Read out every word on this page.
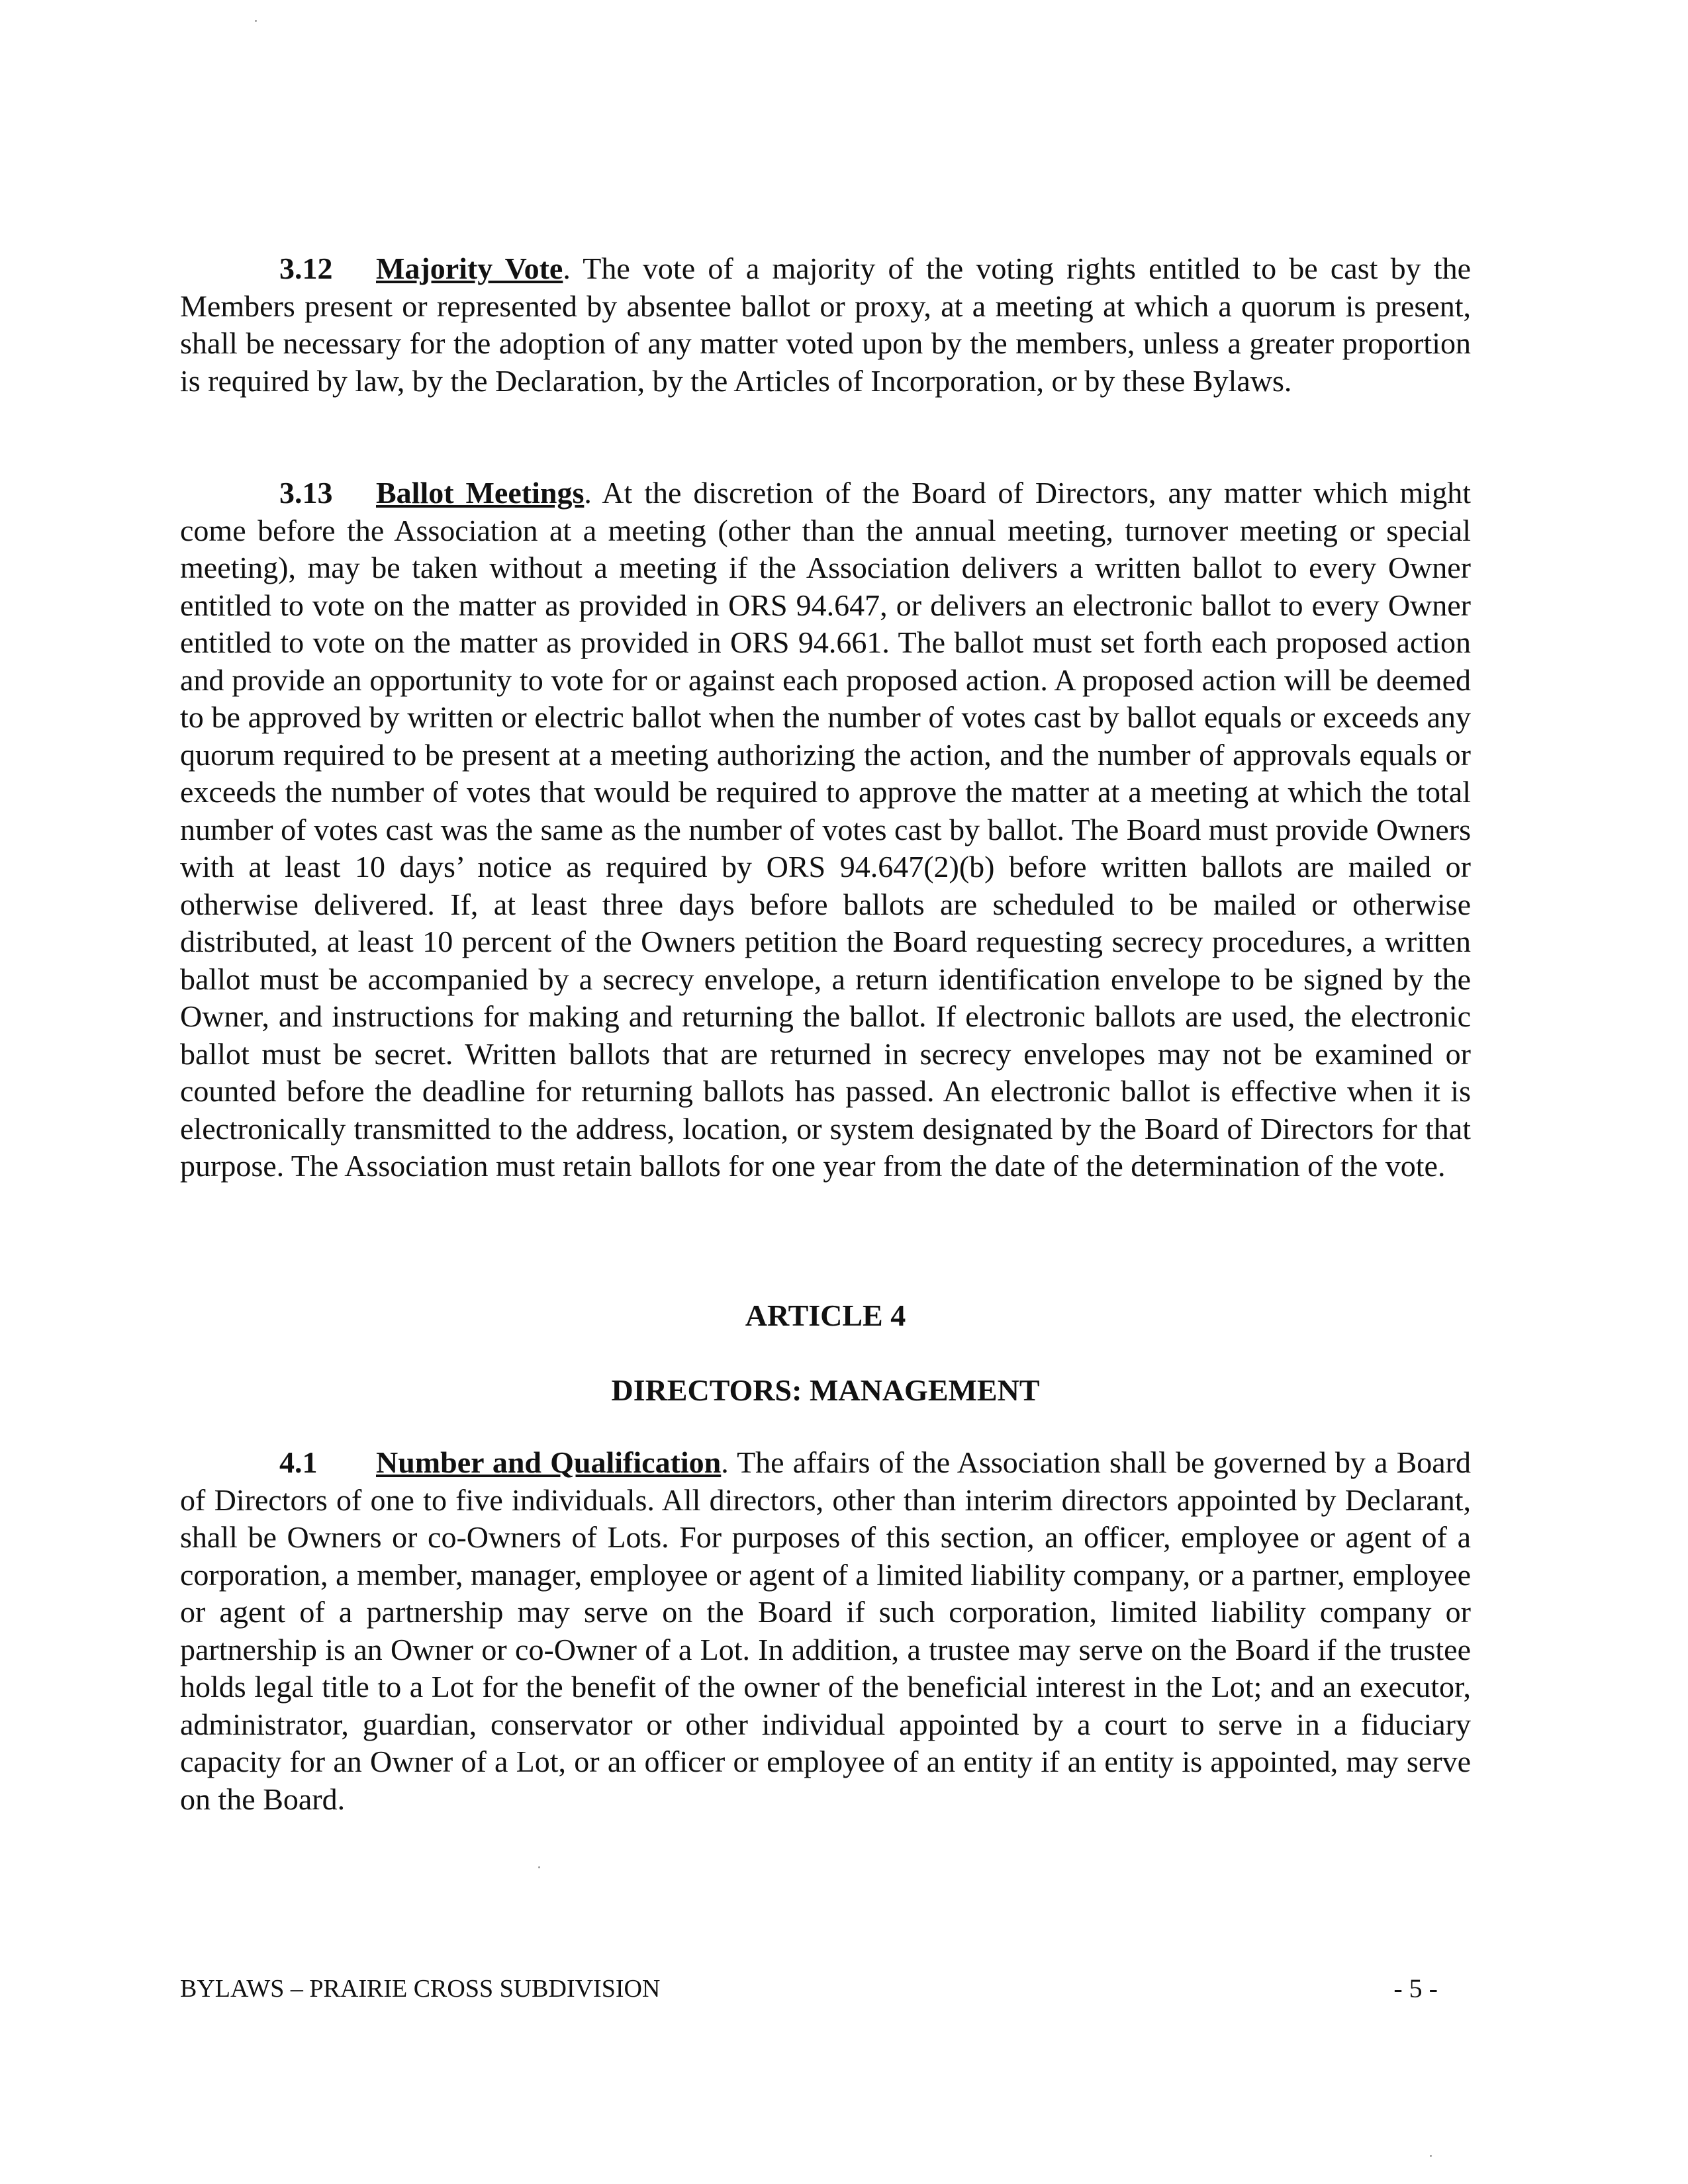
3.12 Majority Vote. The vote of a majority of the voting rights entitled to be cast by the Members present or represented by absentee ballot or proxy, at a meeting at which a quorum is present, shall be necessary for the adoption of any matter voted upon by the members, unless a greater proportion is required by law, by the Declaration, by the Articles of Incorporation, or by these Bylaws.

3.13 Ballot Meetings. At the discretion of the Board of Directors, any matter which might come before the Association at a meeting (other than the annual meeting, turnover meeting or special meeting), may be taken without a meeting if the Association delivers a written ballot to every Owner entitled to vote on the matter as provided in ORS 94.647, or delivers an electronic ballot to every Owner entitled to vote on the matter as provided in ORS 94.661. The ballot must set forth each proposed action and provide an opportunity to vote for or against each proposed action. A proposed action will be deemed to be approved by written or electric ballot when the number of votes cast by ballot equals or exceeds any quorum required to be present at a meeting authorizing the action, and the number of approvals equals or exceeds the number of votes that would be required to approve the matter at a meeting at which the total number of votes cast was the same as the number of votes cast by ballot. The Board must provide Owners with at least 10 days’ notice as required by ORS 94.647(2)(b) before written ballots are mailed or otherwise delivered. If, at least three days before ballots are scheduled to be mailed or otherwise distributed, at least 10 percent of the Owners petition the Board requesting secrecy procedures, a written ballot must be accompanied by a secrecy envelope, a return identification envelope to be signed by the Owner, and instructions for making and returning the ballot. If electronic ballots are used, the electronic ballot must be secret. Written ballots that are returned in secrecy envelopes may not be examined or counted before the deadline for returning ballots has passed. An electronic ballot is effective when it is electronically transmitted to the address, location, or system designated by the Board of Directors for that purpose. The Association must retain ballots for one year from the date of the determination of the vote.

ARTICLE 4

DIRECTORS: MANAGEMENT

4.1 Number and Qualification. The affairs of the Association shall be governed by a Board of Directors of one to five individuals. All directors, other than interim directors appointed by Declarant, shall be Owners or co-Owners of Lots. For purposes of this section, an officer, employee or agent of a corporation, a member, manager, employee or agent of a limited liability company, or a partner, employee or agent of a partnership may serve on the Board if such corporation, limited liability company or partnership is an Owner or co-Owner of a Lot. In addition, a trustee may serve on the Board if the trustee holds legal title to a Lot for the benefit of the owner of the beneficial interest in the Lot; and an executor, administrator, guardian, conservator or other individual appointed by a court to serve in a fiduciary capacity for an Owner of a Lot, or an officer or employee of an entity if an entity is appointed, may serve on the Board.

BYLAWS – PRAIRIE CROSS SUBDIVISION	- 5 -
